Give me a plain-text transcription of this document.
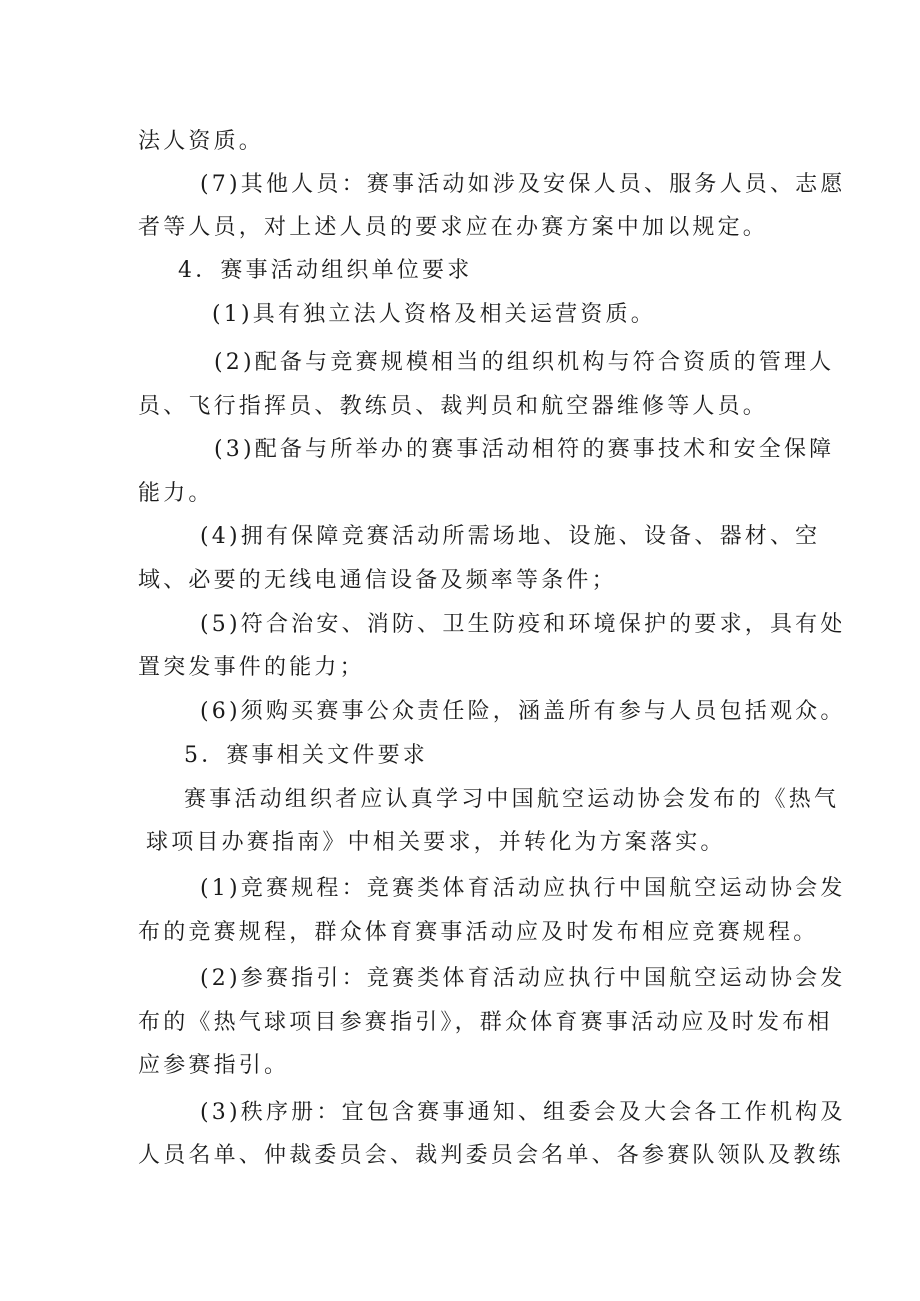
法人资质。
(7)其他人员：赛事活动如涉及安保人员、服务人员、志愿
者等人员，对上述人员的要求应在办赛方案中加以规定。
4．赛事活动组织单位要求
(1)具有独立法人资格及相关运营资质。
(2)配备与竞赛规模相当的组织机构与符合资质的管理人
员、飞行指挥员、教练员、裁判员和航空器维修等人员。
(3)配备与所举办的赛事活动相符的赛事技术和安全保障
能力。
(4)拥有保障竞赛活动所需场地、设施、设备、器材、空
域、必要的无线电通信设备及频率等条件；
(5)符合治安、消防、卫生防疫和环境保护的要求，具有处
置突发事件的能力；
(6)须购买赛事公众责任险，涵盖所有参与人员包括观众。
5．赛事相关文件要求
赛事活动组织者应认真学习中国航空运动协会发布的《热气
球项目办赛指南》中相关要求，并转化为方案落实。
(1)竞赛规程：竞赛类体育活动应执行中国航空运动协会发
布的竞赛规程，群众体育赛事活动应及时发布相应竞赛规程。
(2)参赛指引：竞赛类体育活动应执行中国航空运动协会发
布的《热气球项目参赛指引》，群众体育赛事活动应及时发布相
应参赛指引。
(3)秩序册：宜包含赛事通知、组委会及大会各工作机构及
人员名单、仲裁委员会、裁判委员会名单、各参赛队领队及教练
